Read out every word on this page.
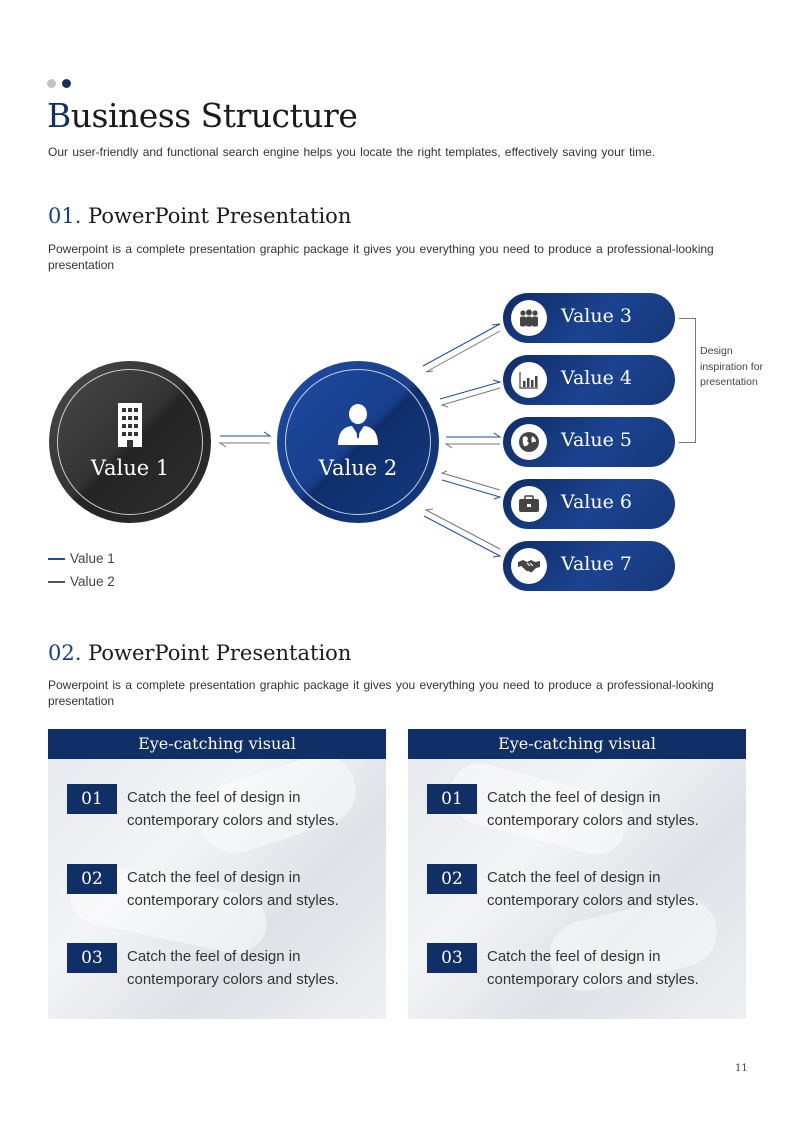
Business Structure
Our user-friendly and functional search engine helps you locate the right templates, effectively saving your time.
01. PowerPoint Presentation
Powerpoint is a complete presentation graphic package it gives you everything you need to produce a professional-looking presentation
Value 1	Value 2
Value 3
Value 4
Value 5
Value 6
Value 7
Design inspiration for presentation
Value 1
Value 2
02. PowerPoint Presentation
Powerpoint is a complete presentation graphic package it gives you everything you need to produce a professional-looking presentation
Eye-catching visual
01	Catch the feel of design in contemporary colors and styles.
02	Catch the feel of design in contemporary colors and styles.
03	Catch the feel of design in contemporary colors and styles.
Eye-catching visual
01	Catch the feel of design in contemporary colors and styles.
02	Catch the feel of design in contemporary colors and styles.
03	Catch the feel of design in contemporary colors and styles.
11
